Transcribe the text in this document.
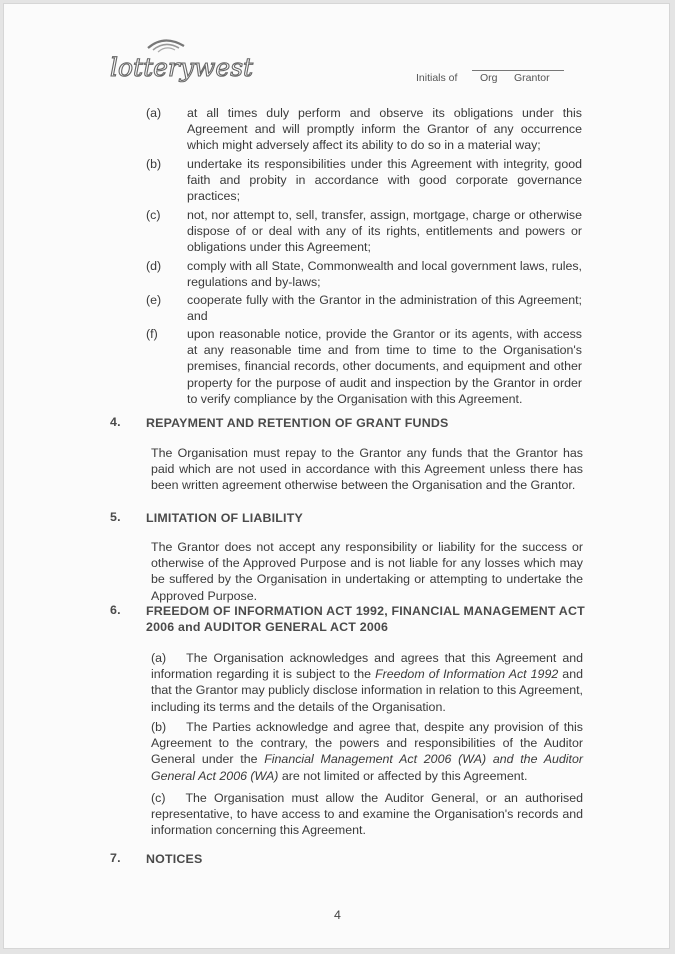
lotterywest	Initials of Org Grantor
(a) at all times duly perform and observe its obligations under this Agreement and will promptly inform the Grantor of any occurrence which might adversely affect its ability to do so in a material way;
(b) undertake its responsibilities under this Agreement with integrity, good faith and probity in accordance with good corporate governance practices;
(c) not, nor attempt to, sell, transfer, assign, mortgage, charge or otherwise dispose of or deal with any of its rights, entitlements and powers or obligations under this Agreement;
(d) comply with all State, Commonwealth and local government laws, rules, regulations and by-laws;
(e) cooperate fully with the Grantor in the administration of this Agreement; and
(f) upon reasonable notice, provide the Grantor or its agents, with access at any reasonable time and from time to time to the Organisation's premises, financial records, other documents, and equipment and other property for the purpose of audit and inspection by the Grantor in order to verify compliance by the Organisation with this Agreement.
4. REPAYMENT AND RETENTION OF GRANT FUNDS
The Organisation must repay to the Grantor any funds that the Grantor has paid which are not used in accordance with this Agreement unless there has been written agreement otherwise between the Organisation and the Grantor.
5. LIMITATION OF LIABILITY
The Grantor does not accept any responsibility or liability for the success or otherwise of the Approved Purpose and is not liable for any losses which may be suffered by the Organisation in undertaking or attempting to undertake the Approved Purpose.
6. FREEDOM OF INFORMATION ACT 1992, FINANCIAL MANAGEMENT ACT 2006 and AUDITOR GENERAL ACT 2006
(a) The Organisation acknowledges and agrees that this Agreement and information regarding it is subject to the Freedom of Information Act 1992 and that the Grantor may publicly disclose information in relation to this Agreement, including its terms and the details of the Organisation.
(b) The Parties acknowledge and agree that, despite any provision of this Agreement to the contrary, the powers and responsibilities of the Auditor General under the Financial Management Act 2006 (WA) and the Auditor General Act 2006 (WA) are not limited or affected by this Agreement.
(c) The Organisation must allow the Auditor General, or an authorised representative, to have access to and examine the Organisation's records and information concerning this Agreement.
7. NOTICES
4
